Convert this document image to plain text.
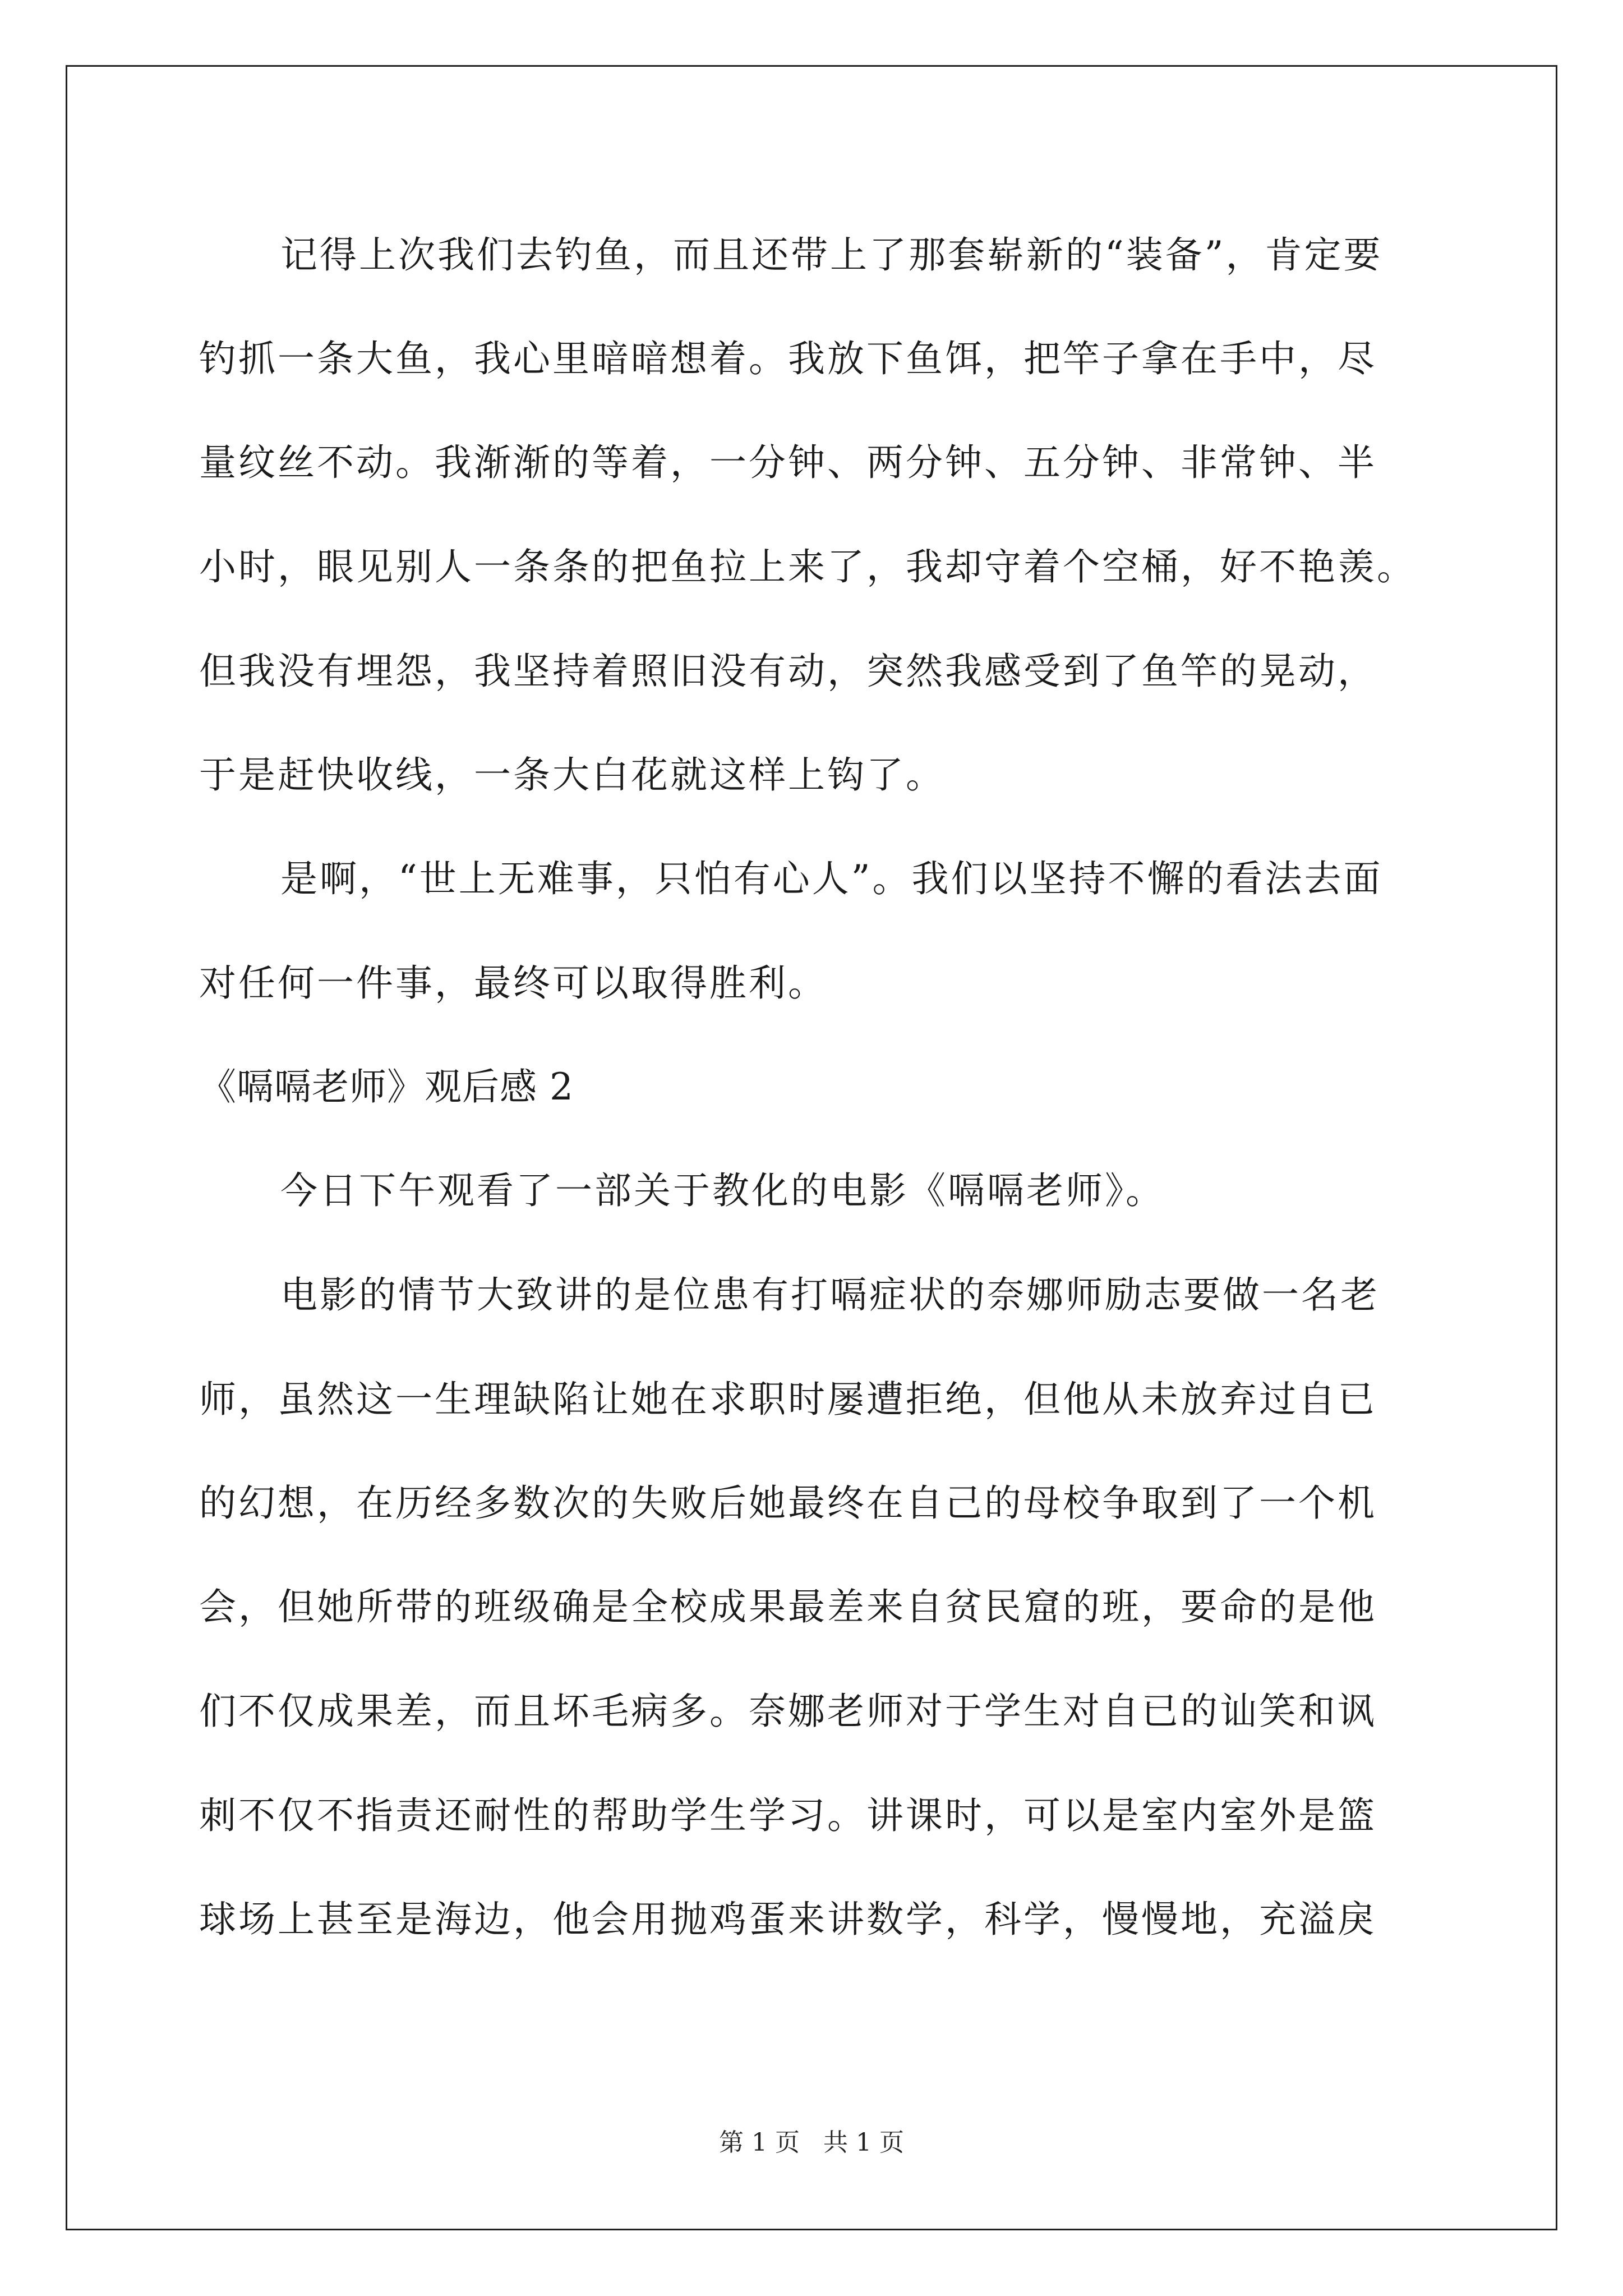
记得上次我们去钓鱼，而且还带上了那套崭新的“装备”，肯定要
钓抓一条大鱼，我心里暗暗想着。我放下鱼饵，把竿子拿在手中，尽
量纹丝不动。我渐渐的等着，一分钟、两分钟、五分钟、非常钟、半
小时，眼见别人一条条的把鱼拉上来了，我却守着个空桶，好不艳羡。
但我没有埋怨，我坚持着照旧没有动，突然我感受到了鱼竿的晃动，
于是赶快收线，一条大白花就这样上钩了。
是啊，“世上无难事，只怕有心人”。我们以坚持不懈的看法去面
对任何一件事，最终可以取得胜利。
《嗝嗝老师》观后感 2
今日下午观看了一部关于教化的电影《嗝嗝老师》。
电影的情节大致讲的是位患有打嗝症状的奈娜师励志要做一名老
师，虽然这一生理缺陷让她在求职时屡遭拒绝，但他从未放弃过自已
的幻想，在历经多数次的失败后她最终在自己的母校争取到了一个机
会，但她所带的班级确是全校成果最差来自贫民窟的班，要命的是他
们不仅成果差，而且坏毛病多。奈娜老师对于学生对自已的讪笑和讽
刺不仅不指责还耐性的帮助学生学习。讲课时，可以是室内室外是篮
球场上甚至是海边，他会用抛鸡蛋来讲数学，科学，慢慢地，充溢戾
第 1 页 共 1 页
